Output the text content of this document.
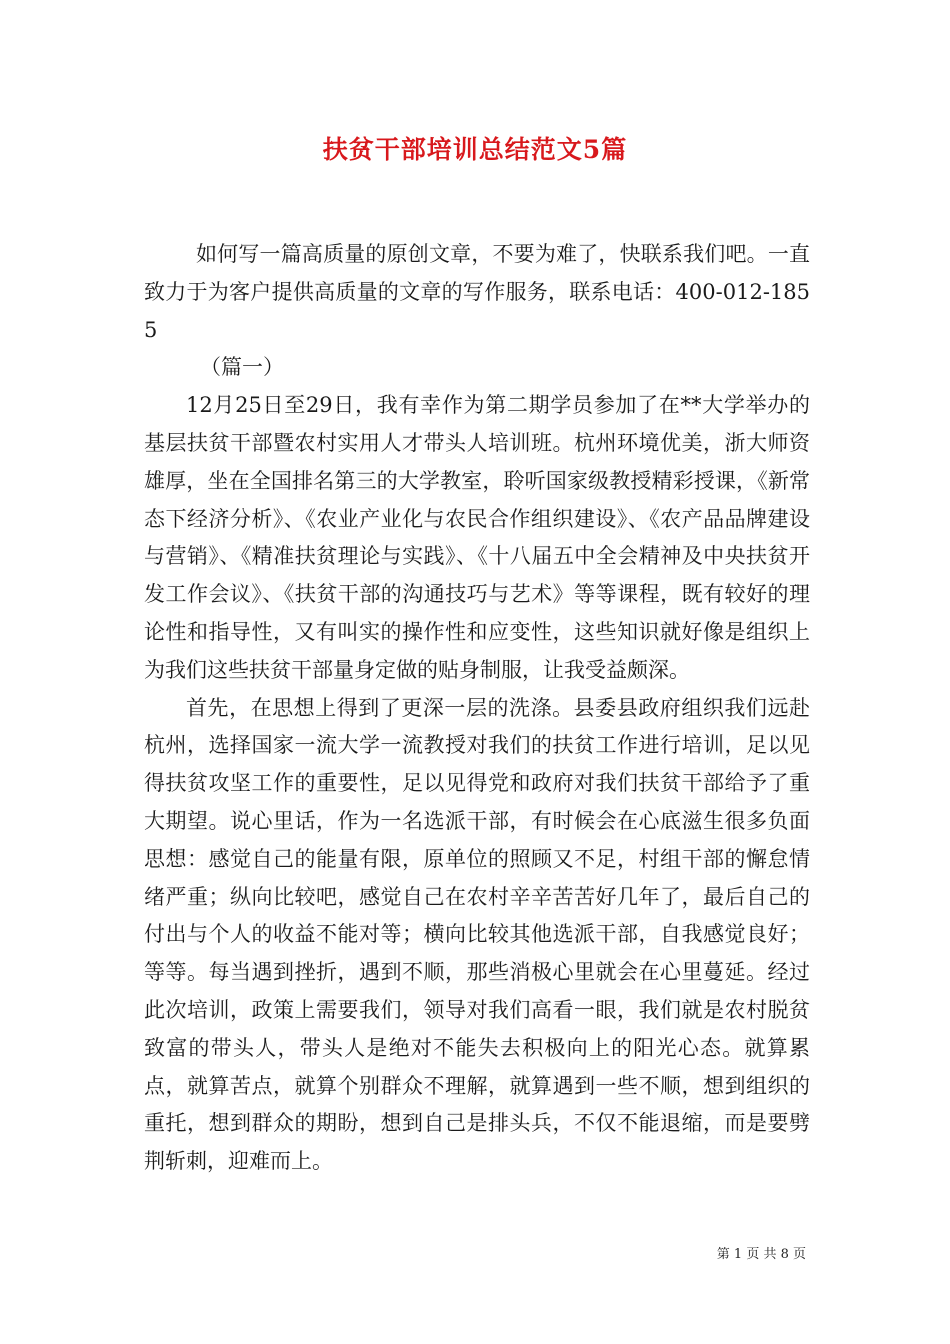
扶贫干部培训总结范文5篇

如何写一篇高质量的原创文章，不要为难了，快联系我们吧。一直致力于为客户提供高质量的文章的写作服务，联系电话：400-012-1855

（篇一）

12月25日至29日，我有幸作为第二期学员参加了在**大学举办的基层扶贫干部暨农村实用人才带头人培训班。杭州环境优美，浙大师资雄厚，坐在全国排名第三的大学教室，聆听国家级教授精彩授课，《新常态下经济分析》、《农业产业化与农民合作组织建设》、《农产品品牌建设与营销》、《精准扶贫理论与实践》、《十八届五中全会精神及中央扶贫开发工作会议》、《扶贫干部的沟通技巧与艺术》等等课程，既有较好的理论性和指导性，又有叫实的操作性和应变性，这些知识就好像是组织上为我们这些扶贫干部量身定做的贴身制服，让我受益颇深。

首先，在思想上得到了更深一层的洗涤。县委县政府组织我们远赴杭州，选择国家一流大学一流教授对我们的扶贫工作进行培训，足以见得扶贫攻坚工作的重要性，足以见得党和政府对我们扶贫干部给予了重大期望。说心里话，作为一名选派干部，有时候会在心底滋生很多负面思想：感觉自己的能量有限，原单位的照顾又不足，村组干部的懈怠情绪严重；纵向比较吧，感觉自己在农村辛辛苦苦好几年了，最后自己的付出与个人的收益不能对等；横向比较其他选派干部，自我感觉良好；等等。每当遇到挫折，遇到不顺，那些消极心里就会在心里蔓延。经过此次培训，政策上需要我们，领导对我们高看一眼，我们就是农村脱贫致富的带头人，带头人是绝对不能失去积极向上的阳光心态。就算累点，就算苦点，就算个别群众不理解，就算遇到一些不顺，想到组织的重托，想到群众的期盼，想到自己是排头兵，不仅不能退缩，而是要劈荆斩刺，迎难而上。

第 1 页 共 8 页
